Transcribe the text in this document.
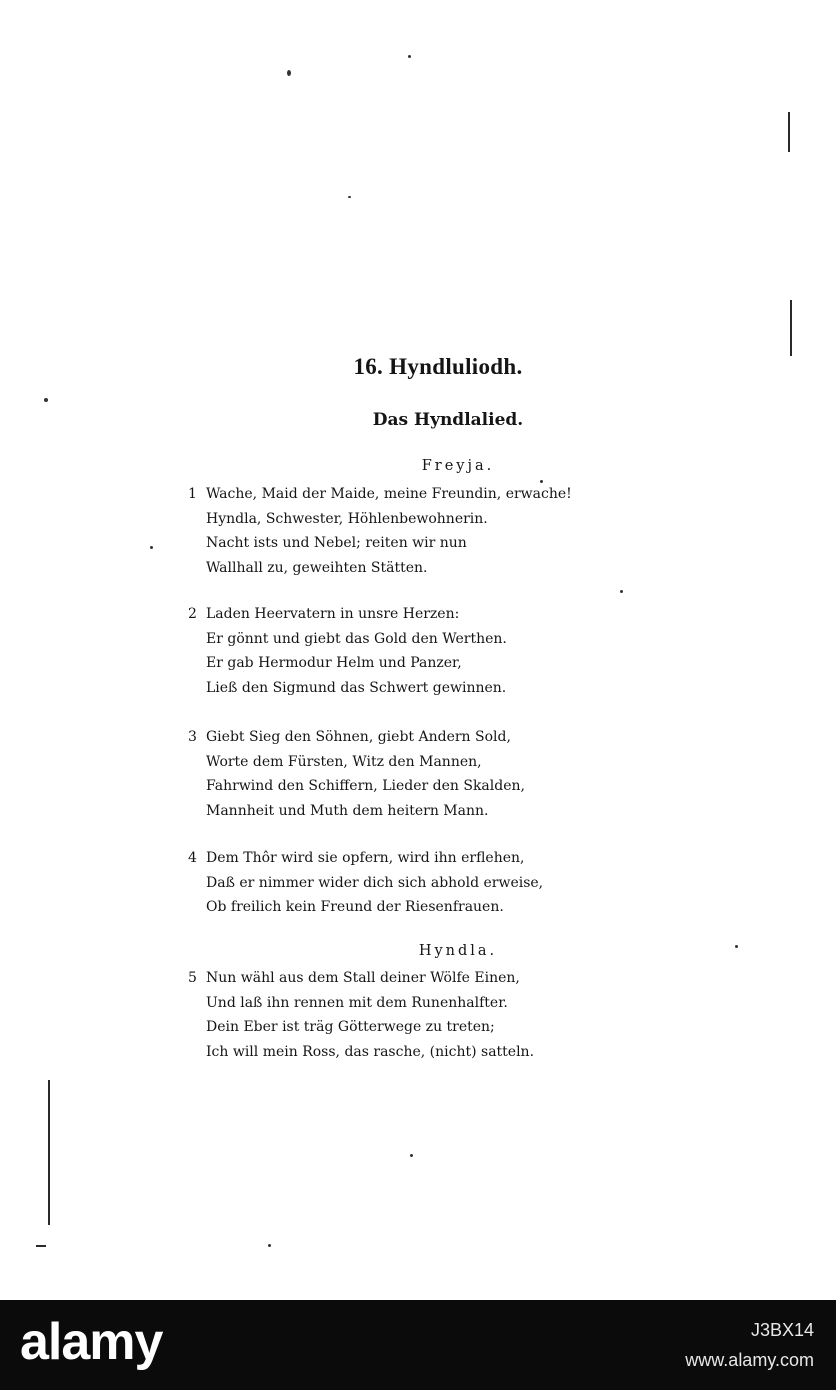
16. Hyndluliodh.
Das Hyndlalied.
Freyja.
1 Wache, Maid der Maide, meine Freundin, erwache!
Hyndla, Schwester, Höhlenbewohnerin.
Nacht ists und Nebel; reiten wir nun
Wallhall zu, geweihten Stätten.
2 Laden Heervatern in unsre Herzen:
Er gönnt und giebt das Gold den Werthen.
Er gab Hermodur Helm und Panzer,
Ließ den Sigmund das Schwert gewinnen.
3 Giebt Sieg den Söhnen, giebt Andern Sold,
Worte dem Fürsten, Witz den Mannen,
Fahrwind den Schiffern, Lieder den Skalden,
Mannheit und Muth dem heitern Mann.
4 Dem Thôr wird sie opfern, wird ihn erflehen,
Daß er nimmer wider dich sich abhold erweise,
Ob freilich kein Freund der Riesenfrauen.
Hyndla.
5 Nun wähl aus dem Stall deiner Wölfe Einen,
Und laß ihn rennen mit dem Runenhalfter.
Dein Eber ist träg Götterwege zu treten;
Ich will mein Ross, das rasche, (nicht) satteln.
alamy	J3BX14
www.alamy.com
